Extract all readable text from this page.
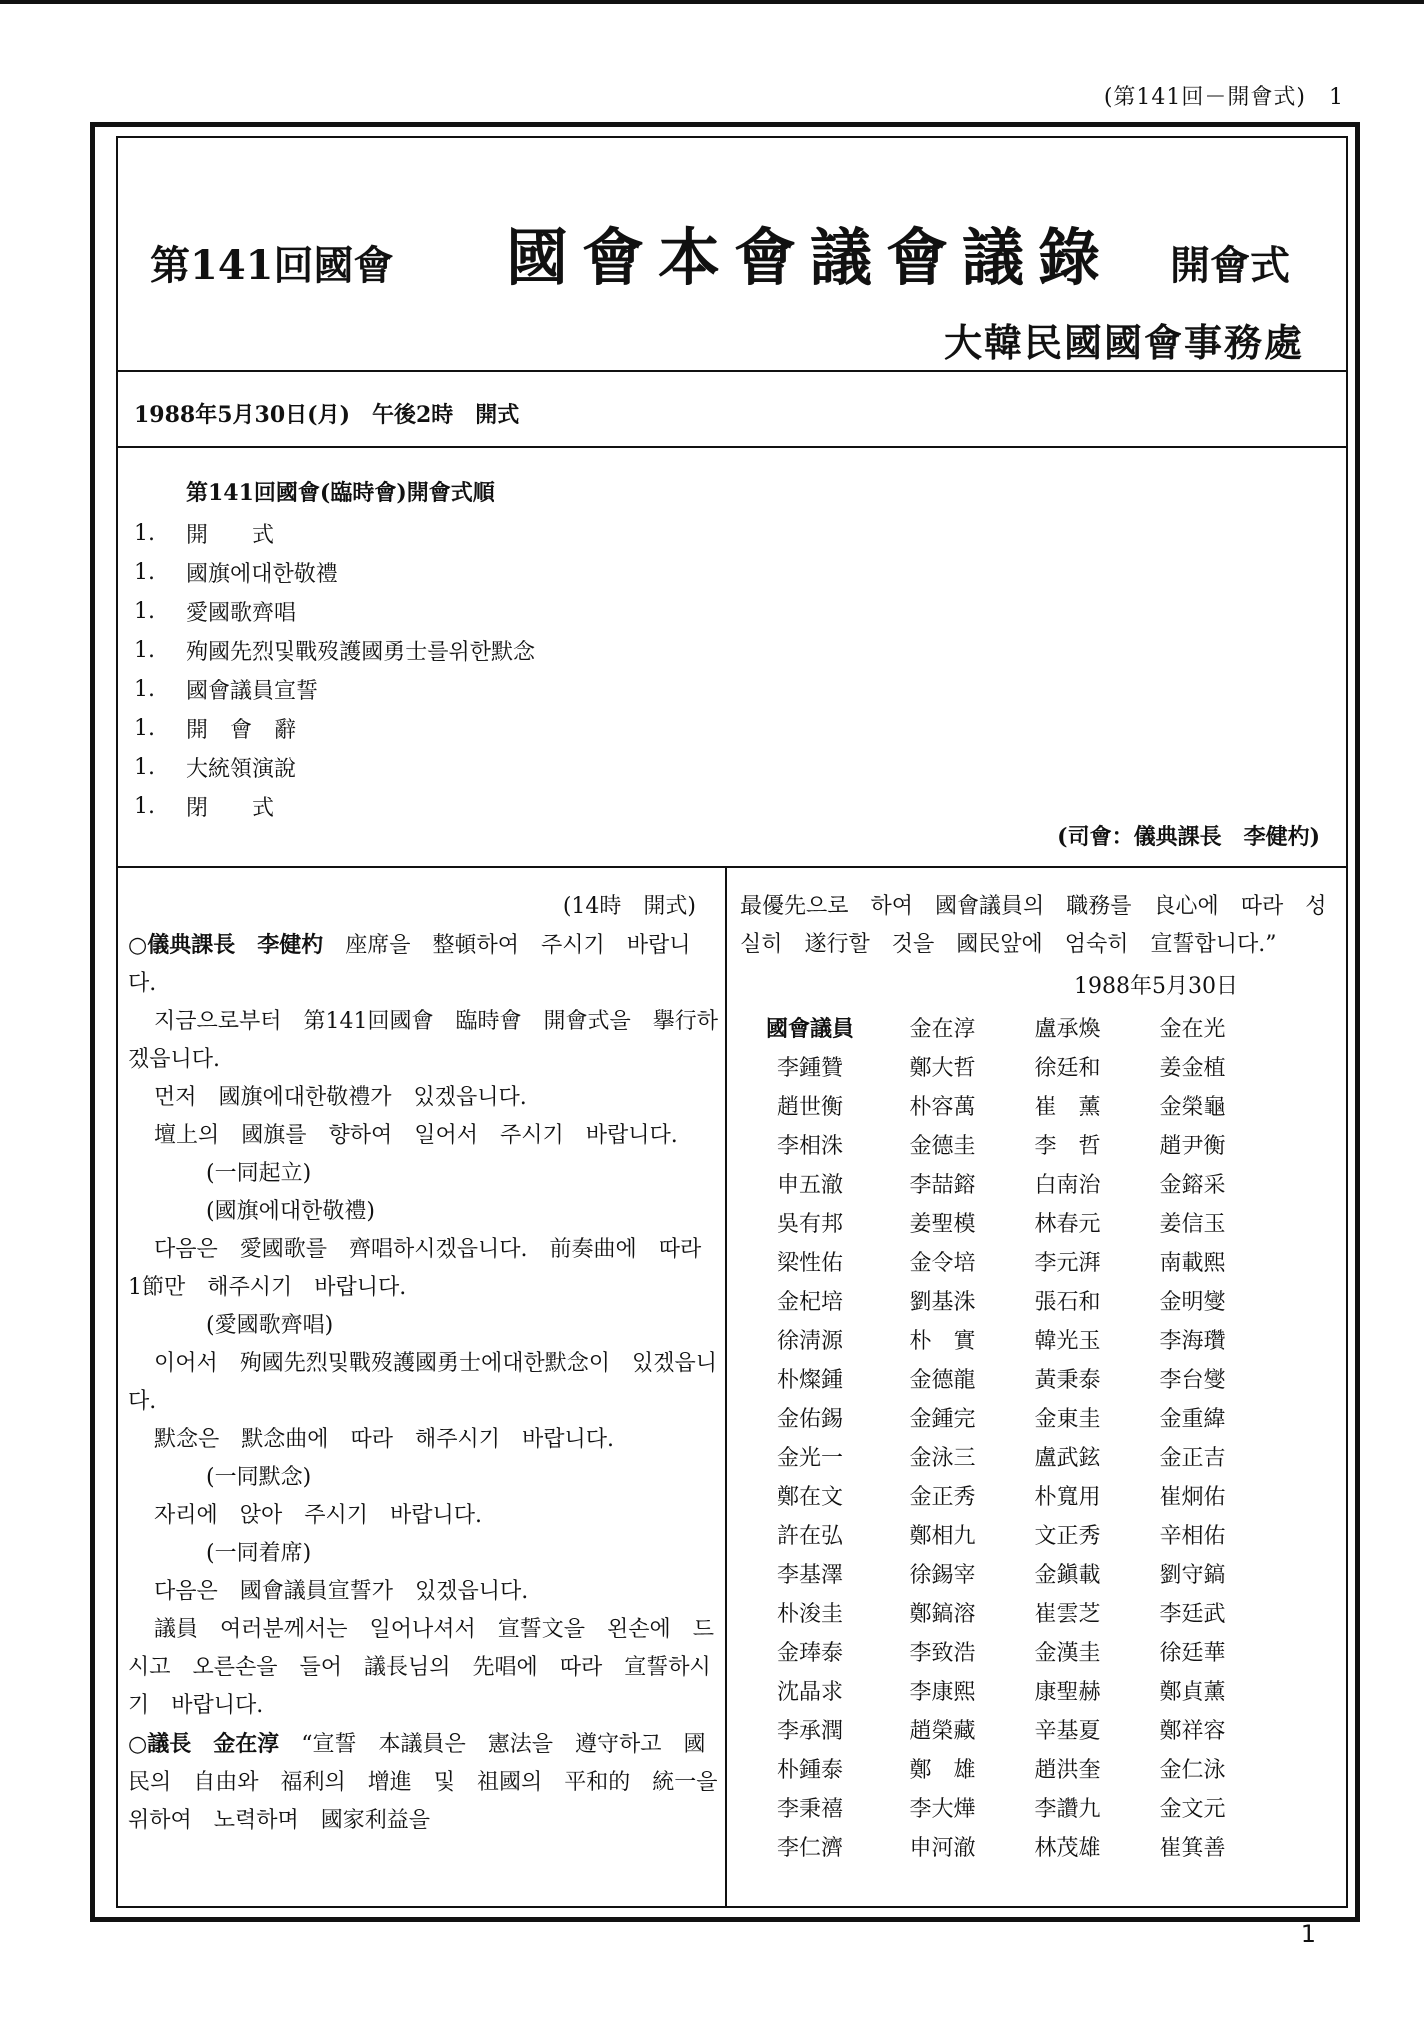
(第141回－開會式)　1
第141回國會	國會本會議會議錄	開會式
大韓民國國會事務處
1988年5月30日(月)　午後2時　開式
第141回國會(臨時會)開會式順
1.	開　　式
1.	國旗에대한敬禮
1.	愛國歌齊唱
1.	殉國先烈및戰歿護國勇士를위한默念
1.	國會議員宣誓
1.	開　會　辭
1.	大統領演說
1.	閉　　式
(司會：儀典課長　李健杓)
(14時　開式)

○儀典課長　李健杓　座席을　整頓하여　주시기　바랍니다.

지금으로부터　第141回國會　臨時會　開會式을　擧行하겠읍니다.

먼저　國旗에대한敬禮가　있겠읍니다.

壇上의　國旗를　향하여　일어서　주시기　바랍니다.

(一同起立)
(國旗에대한敬禮)

다음은　愛國歌를　齊唱하시겠읍니다.　前奏曲에　따라　1節만　해주시기　바랍니다.

(愛國歌齊唱)

이어서　殉國先烈및戰歿護國勇士에대한默念이　있겠읍니다.

默念은　默念曲에　따라　해주시기　바랍니다.

(一同默念)

자리에　앉아　주시기　바랍니다.

(一同着席)

다음은　國會議員宣誓가　있겠읍니다.

議員　여러분께서는　일어나셔서　宣誓文을　왼손에　드시고　오른손을　들어　議長님의　先唱에　따라　宣誓하시기　바랍니다.

○議長　金在淳　“宣誓　本議員은　憲法을　遵守하고　國民의　自由와　福利의　增進　및　祖國의　平和的　統一을　위하여　노력하며　國家利益을

最優先으로　하여　國會議員의　職務를　良心에　따라　성실히　遂行할　것을　國民앞에　엄숙히　宣誓합니다.”

1988年5月30日
國會議員	金在淳	盧承煥	金在光
李鍾贊	鄭大哲	徐廷和	姜金植
趙世衡	朴容萬	崔　薰	金榮龜
李相洙	金德圭	李　哲	趙尹衡
申五澈	李喆鎔	白南治	金鎔采
吳有邦	姜聖模	林春元	姜信玉
梁性佑	金令培	李元湃	南載熙
金杞培	劉基洙	張石和	金明燮
徐淸源	朴　實	韓光玉	李海瓚
朴燦鍾	金德龍	黃秉泰	李台燮
金佑錫	金鍾完	金東圭	金重緯
金光一	金泳三	盧武鉉	金正吉
鄭在文	金正秀	朴寬用	崔炯佑
許在弘	鄭相九	文正秀	辛相佑
李基澤	徐錫宰	金鎭載	劉守鎬
朴浚圭	鄭鎬溶	崔雲芝	李廷武
金琫泰	李致浩	金漢圭	徐廷華
沈晶求	李康熙	康聖赫	鄭貞薰
李承潤	趙榮藏	辛基夏	鄭祥容
朴鍾泰	鄭　雄	趙洪奎	金仁泳
李秉禧	李大燁	李讚九	金文元
李仁濟	申河澈	林茂雄	崔箕善
1
